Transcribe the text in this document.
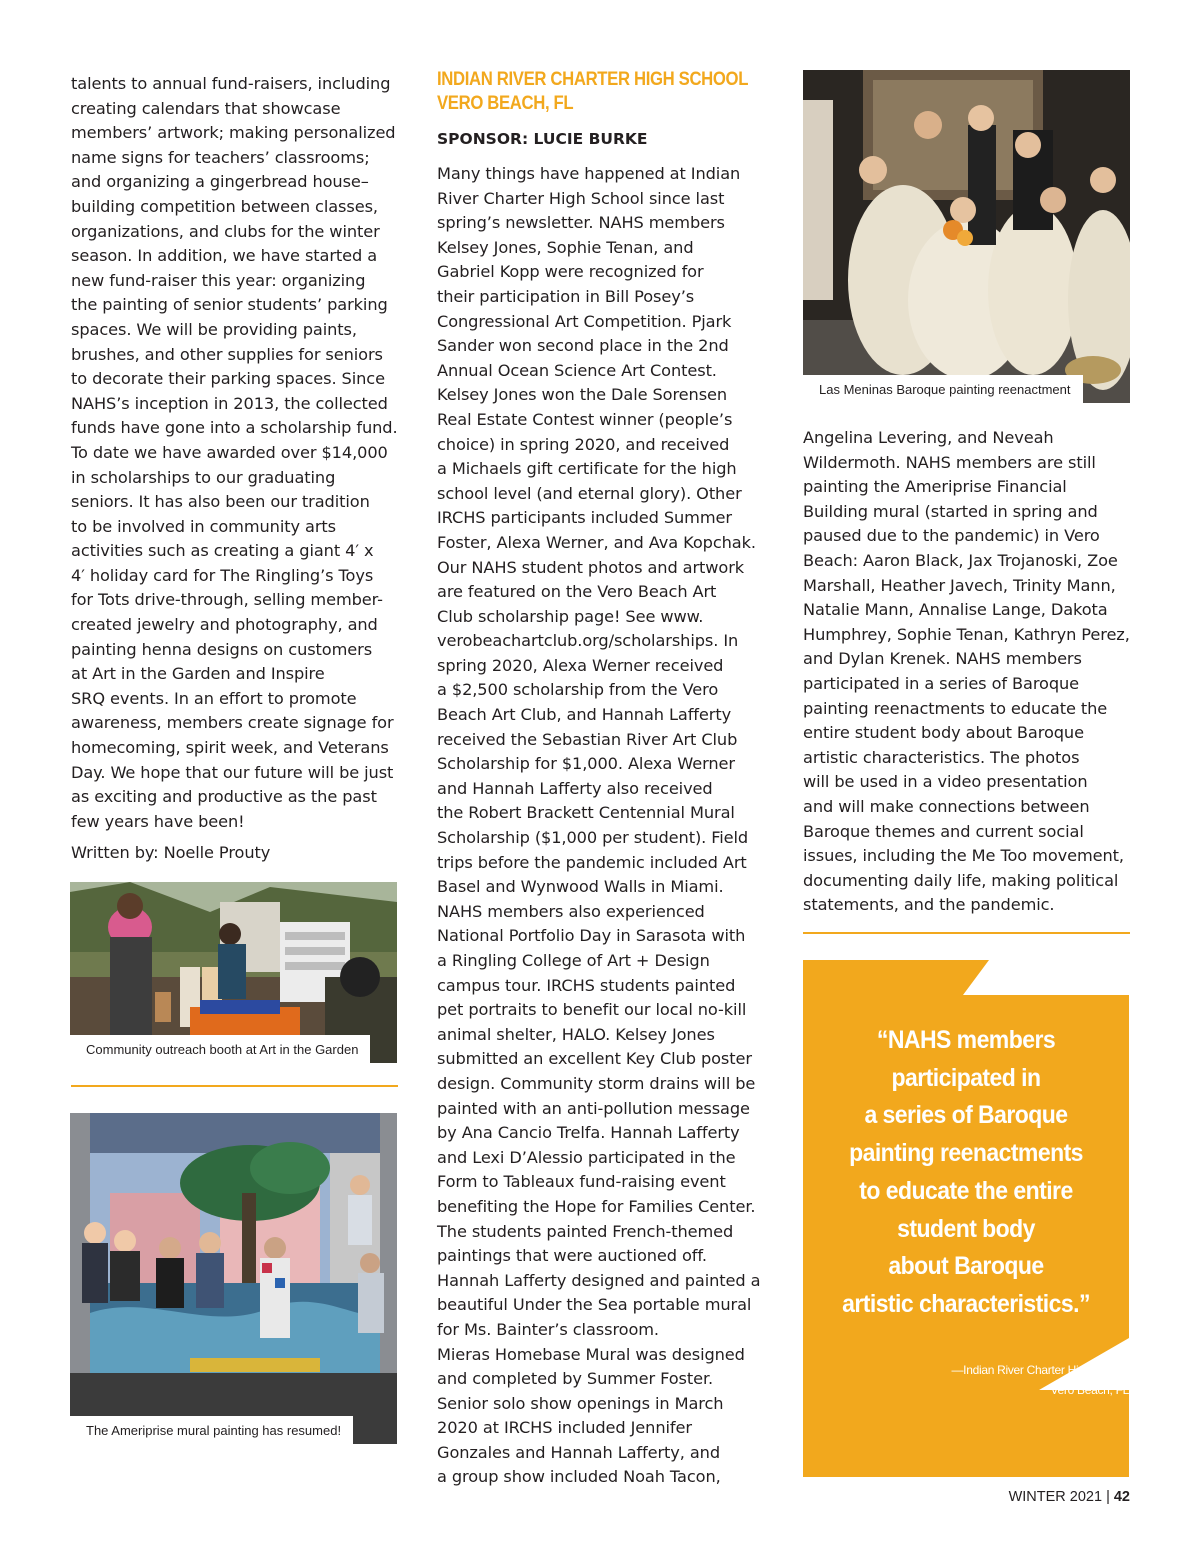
talents to annual fund-raisers, including
creating calendars that showcase
members’ artwork; making personalized
name signs for teachers’ classrooms;
and organizing a gingerbread house–
building competition between classes,
organizations, and clubs for the winter
season. In addition, we have started a
new fund-raiser this year: organizing
the painting of senior students’ parking
spaces. We will be providing paints,
brushes, and other supplies for seniors
to decorate their parking spaces. Since
NAHS’s inception in 2013, the collected
funds have gone into a scholarship fund.
To date we have awarded over $14,000
in scholarships to our graduating
seniors. It has also been our tradition
to be involved in community arts
activities such as creating a giant 4′ x
4′ holiday card for The Ringling’s Toys
for Tots drive-through, selling member-
created jewelry and photography, and
painting henna designs on customers
at Art in the Garden and Inspire
SRQ events. In an effort to promote
awareness, members create signage for
homecoming, spirit week, and Veterans
Day. We hope that our future will be just
as exciting and productive as the past
few years have been!

Written by: Noelle Prouty

Community outreach booth at Art in the Garden
The Ameriprise mural painting has resumed!
INDIAN RIVER CHARTER HIGH SCHOOL
VERO BEACH, FL

SPONSOR: LUCIE BURKE

Many things have happened at Indian
River Charter High School since last
spring’s newsletter. NAHS members
Kelsey Jones, Sophie Tenan, and
Gabriel Kopp were recognized for
their participation in Bill Posey’s
Congressional Art Competition. Pjark
Sander won second place in the 2nd
Annual Ocean Science Art Contest.
Kelsey Jones won the Dale Sorensen
Real Estate Contest winner (people’s
choice) in spring 2020, and received
a Michaels gift certificate for the high
school level (and eternal glory). Other
IRCHS participants included Summer
Foster, Alexa Werner, and Ava Kopchak.
Our NAHS student photos and artwork
are featured on the Vero Beach Art
Club scholarship page! See www.
verobeachartclub.org/scholarships. In
spring 2020, Alexa Werner received
a $2,500 scholarship from the Vero
Beach Art Club, and Hannah Lafferty
received the Sebastian River Art Club
Scholarship for $1,000. Alexa Werner
and Hannah Lafferty also received
the Robert Brackett Centennial Mural
Scholarship ($1,000 per student). Field
trips before the pandemic included Art
Basel and Wynwood Walls in Miami.
NAHS members also experienced
National Portfolio Day in Sarasota with
a Ringling College of Art + Design
campus tour. IRCHS students painted
pet portraits to benefit our local no-kill
animal shelter, HALO. Kelsey Jones
submitted an excellent Key Club poster
design. Community storm drains will be
painted with an anti-pollution message
by Ana Cancio Trelfa. Hannah Lafferty
and Lexi D’Alessio participated in the
Form to Tableaux fund-raising event
benefiting the Hope for Families Center.
The students painted French-themed
paintings that were auctioned off.
Hannah Lafferty designed and painted a
beautiful Under the Sea portable mural
for Ms. Bainter’s classroom.
Mieras Homebase Mural was designed
and completed by Summer Foster.
Senior solo show openings in March
2020 at IRCHS included Jennifer
Gonzales and Hannah Lafferty, and
a group show included Noah Tacon,

Las Meninas Baroque painting reenactment

Angelina Levering, and Neveah
Wildermoth. NAHS members are still
painting the Ameriprise Financial
Building mural (started in spring and
paused due to the pandemic) in Vero
Beach: Aaron Black, Jax Trojanoski, Zoe
Marshall, Heather Javech, Trinity Mann,
Natalie Mann, Annalise Lange, Dakota
Humphrey, Sophie Tenan, Kathryn Perez,
and Dylan Krenek. NAHS members
participated in a series of Baroque
painting reenactments to educate the
entire student body about Baroque
artistic characteristics. The photos
will be used in a video presentation
and will make connections between
Baroque themes and current social
issues, including the Me Too movement,
documenting daily life, making political
statements, and the pandemic.

“NAHS members
participated in
a series of Baroque
painting reenactments
to educate the entire
student body
about Baroque
artistic characteristics.”

—Indian River Charter High School
Vero Beach, FL

WINTER 2021 | 42
